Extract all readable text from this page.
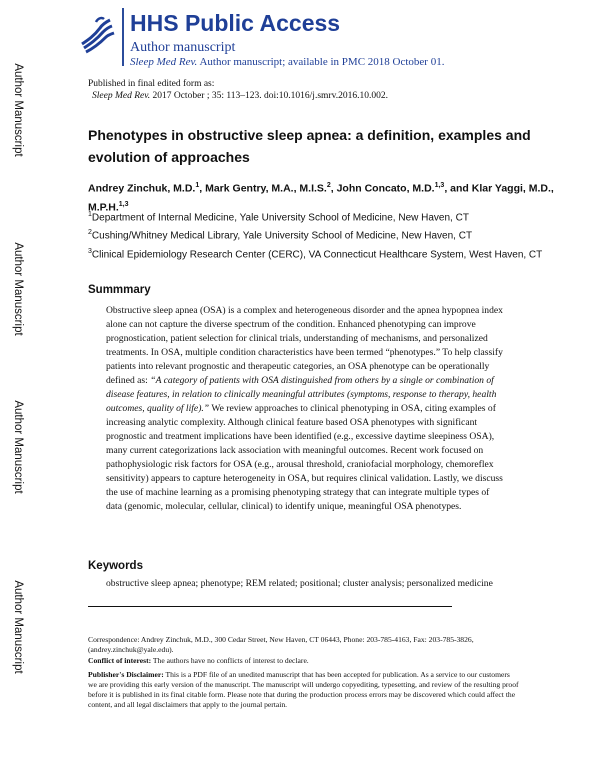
Author Manuscript
Author Manuscript
Author Manuscript
Author Manuscript
HHS Public Access
Author manuscript
Sleep Med Rev. Author manuscript; available in PMC 2018 October 01.
Published in final edited form as:
Sleep Med Rev. 2017 October ; 35: 113–123. doi:10.1016/j.smrv.2016.10.002.
Phenotypes in obstructive sleep apnea: a definition, examples and evolution of approaches
Andrey Zinchuk, M.D.$^1$, Mark Gentry, M.A., M.I.S.$^2$, John Concato, M.D.$^{1,3}$, and Klar Yaggi, M.D., M.P.H.$^{1,3}$
$^1$Department of Internal Medicine, Yale University School of Medicine, New Haven, CT
$^2$Cushing/Whitney Medical Library, Yale University School of Medicine, New Haven, CT
$^3$Clinical Epidemiology Research Center (CERC), VA Connecticut Healthcare System, West Haven, CT
Summmary
Obstructive sleep apnea (OSA) is a complex and heterogeneous disorder and the apnea hypopnea index alone can not capture the diverse spectrum of the condition. Enhanced phenotyping can improve prognostication, patient selection for clinical trials, understanding of mechanisms, and personalized treatments. In OSA, multiple condition characteristics have been termed “phenotypes.” To help classify patients into relevant prognostic and therapeutic categories, an OSA phenotype can be operationally defined as: “A category of patients with OSA distinguished from others by a single or combination of disease features, in relation to clinically meaningful attributes (symptoms, response to therapy, health outcomes, quality of life).” We review approaches to clinical phenotyping in OSA, citing examples of increasing analytic complexity. Although clinical feature based OSA phenotypes with significant prognostic and treatment implications have been identified (e.g., excessive daytime sleepiness OSA), many current categorizations lack association with meaningful outcomes. Recent work focused on pathophysiologic risk factors for OSA (e.g., arousal threshold, craniofacial morphology, chemoreflex sensitivity) appears to capture heterogeneity in OSA, but requires clinical validation. Lastly, we discuss the use of machine learning as a promising phenotyping strategy that can integrate multiple types of data (genomic, molecular, cellular, clinical) to identify unique, meaningful OSA phenotypes.
Keywords
obstructive sleep apnea; phenotype; REM related; positional; cluster analysis; personalized medicine
Correspondence: Andrey Zinchuk, M.D., 300 Cedar Street, New Haven, CT 06443, Phone: 203-785-4163, Fax: 203-785-3826, (andrey.zinchuk@yale.edu).
Conflict of interest: The authors have no conflicts of interest to declare.
Publisher's Disclaimer: This is a PDF file of an unedited manuscript that has been accepted for publication. As a service to our customers we are providing this early version of the manuscript. The manuscript will undergo copyediting, typesetting, and review of the resulting proof before it is published in its final citable form. Please note that during the production process errors may be discovered which could affect the content, and all legal disclaimers that apply to the journal pertain.
